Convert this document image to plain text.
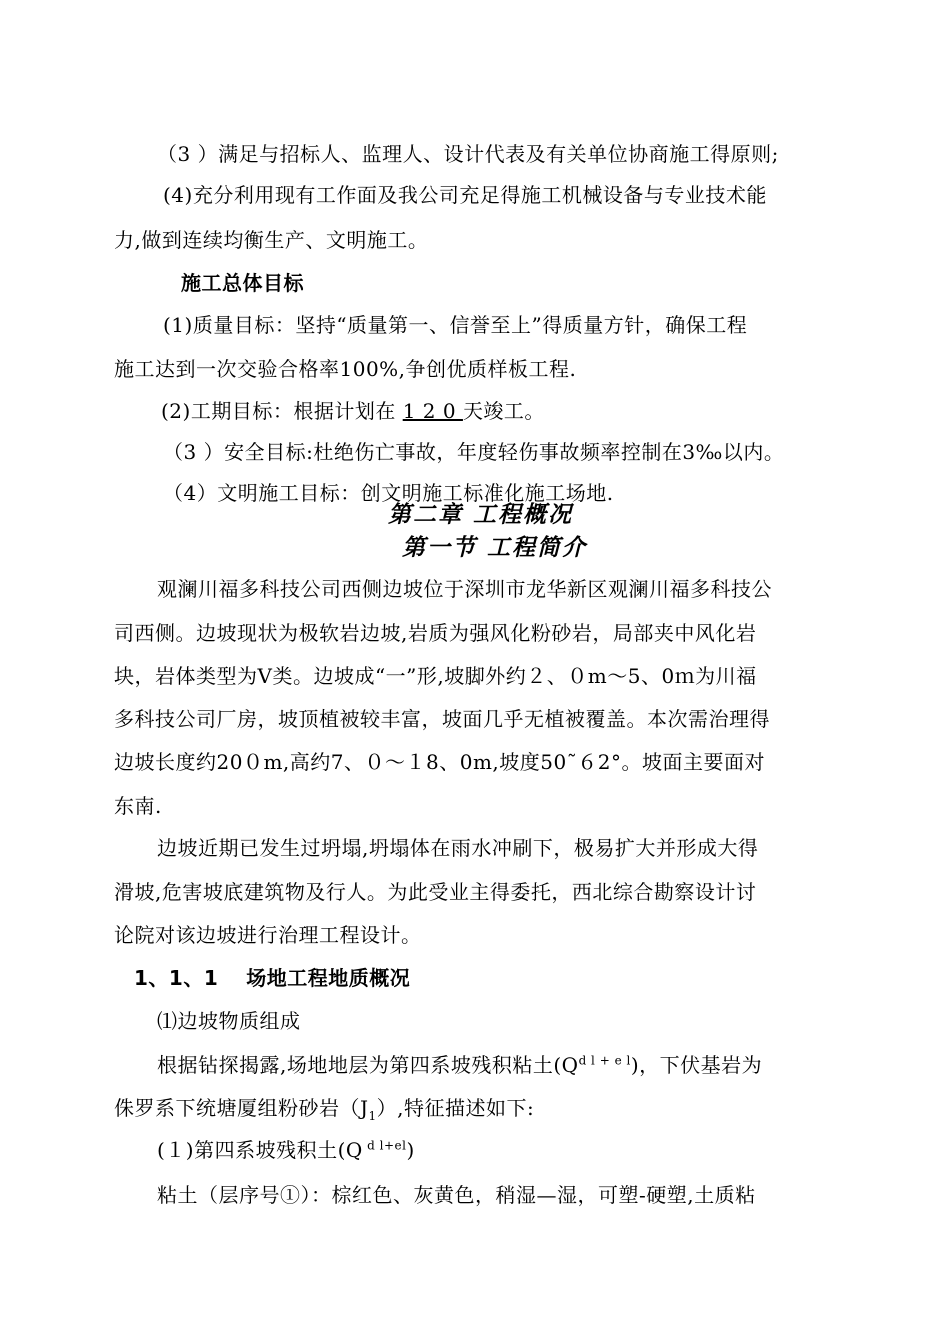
（3 ）满足与招标人、监理人、设计代表及有关单位协商施工得原则;
(4)充分利用现有工作面及我公司充足得施工机械设备与专业技术能
力,做到连续均衡生产、文明施工。
施工总体目标
(1)质量目标：坚持“质量第一、信誉至上”得质量方针，确保工程
施工达到一次交验合格率100%,争创优质样板工程.
(2)工期目标：根据计划在 1 2 0 天竣工。
（3 ）安全目标:杜绝伤亡事故，年度轻伤事故频率控制在3‰以内。
（4）文明施工目标：创文明施工标准化施工场地.
第二章 工程概况
第一节 工程简介
观澜川福多科技公司西侧边坡位于深圳市龙华新区观澜川福多科技公
司西侧。边坡现状为极软岩边坡,岩质为强风化粉砂岩，局部夹中风化岩
块，岩体类型为Ⅴ类。边坡成“一”形,坡脚外约２、０m～5、0ｍ为川福
多科技公司厂房，坡顶植被较丰富，坡面几乎无植被覆盖。本次需治理得
边坡长度约20０m,高约7、０～１8、0m,坡度50˜６2°。坡面主要面对
东南.
边坡近期已发生过坍塌,坍塌体在雨水冲刷下，极易扩大并形成大得
滑坡,危害坡底建筑物及行人。为此受业主得委托，西北综合勘察设计讨
论院对该边坡进行治理工程设计。
1、1、1 场地工程地质概况
⑴边坡物质组成
根据钻探揭露,场地地层为第四系坡残积粘土$(Q^{d l + e l})$，下伏基岩为
侏罗系下统塘厦组粉砂岩$(J_1)$,特征描述如下:
(１)第四系坡残积土(Q $^{d l+el}$)
粘土（层序号①）：棕红色、灰黄色，稍湿—湿，可塑-硬塑,土质粘
